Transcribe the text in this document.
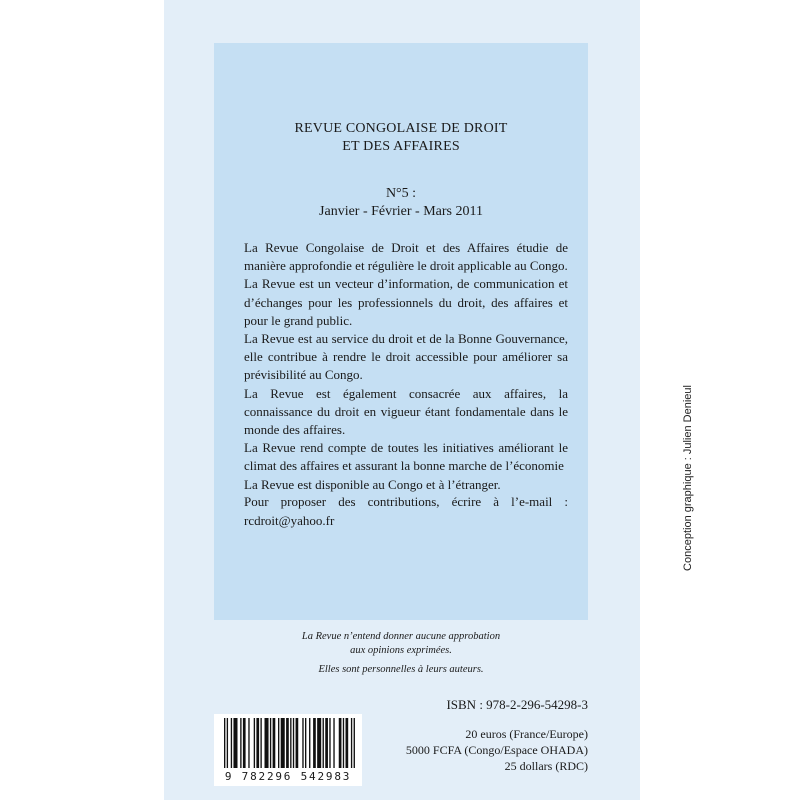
REVUE CONGOLAISE DE DROIT
ET DES AFFAIRES
N°5 :
Janvier - Février - Mars 2011

La Revue Congolaise de Droit et des Affaires étudie de manière approfondie et régulière le droit applicable au Congo.

La Revue est un vecteur d’information, de communication et d’échanges pour les professionnels du droit, des affaires et pour le grand public.

La Revue est au service du droit et de la Bonne Gouvernance, elle contribue à rendre le droit accessible pour améliorer sa prévisibilité au Congo.

La Revue est également consacrée aux affaires, la connaissance du droit en vigueur étant fondamentale dans le monde des affaires.

La Revue rend compte de toutes les initiatives améliorant le climat des affaires et assurant la bonne marche de l’économie

La Revue est disponible au Congo et à l’étranger.

Pour proposer des contributions, écrire à l’e-mail :

rcdroit@yahoo.fr	Conception graphique : Julien Denieul

La Revue n’entend donner aucune approbation

aux opinions exprimées.

Elles sont personnelles à leurs auteurs.

ISBN : 978-2-296-54298-3

20 euros (France/Europe)

5000 FCFA (Congo/Espace OHADA)

25 dollars (RDC)

9 782296 542983
